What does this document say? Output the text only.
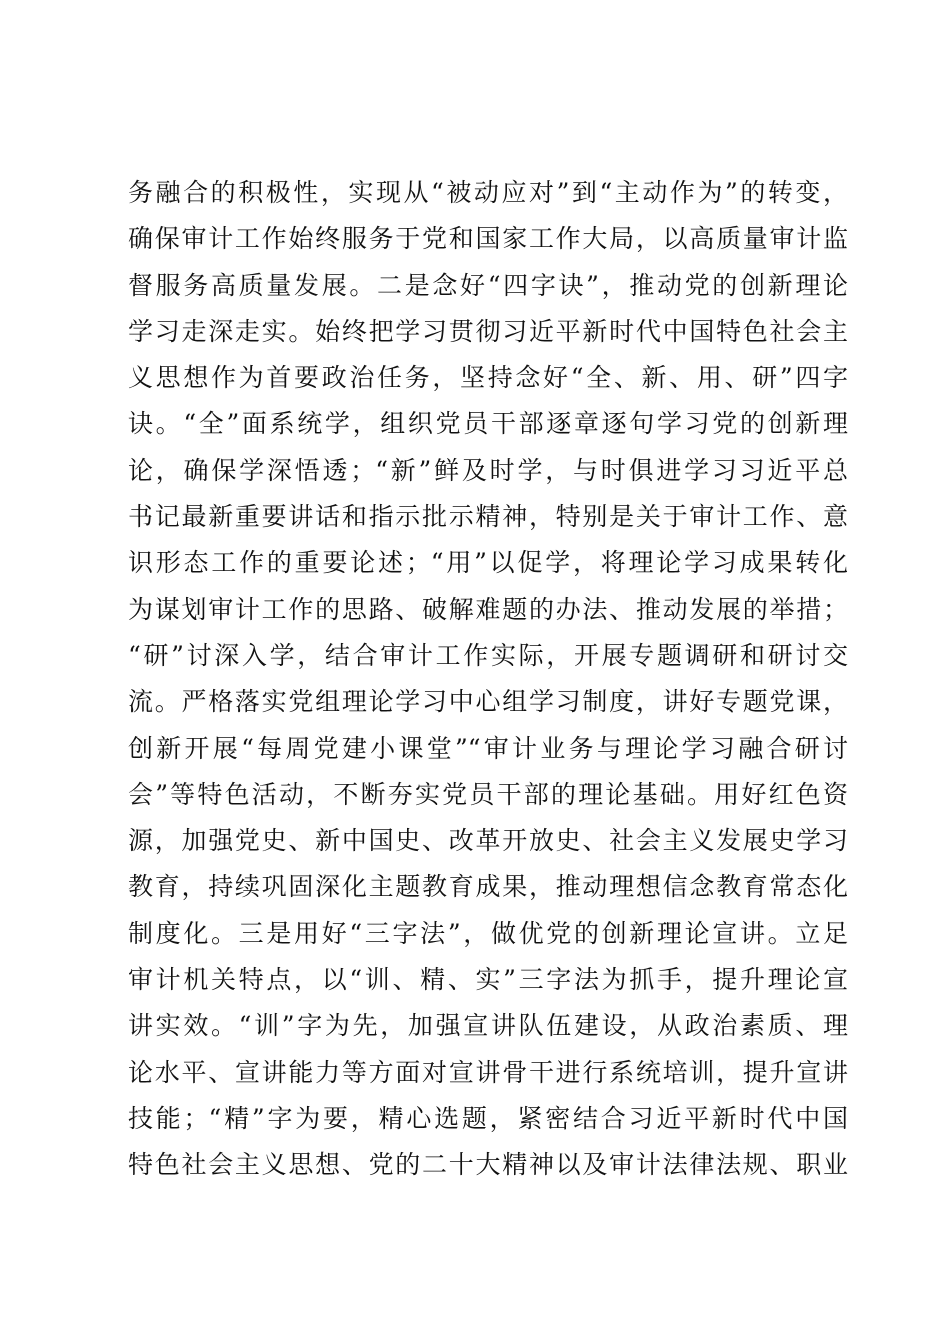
务融合的积极性，实现从“被动应对”到“主动作为”的转变，
确保审计工作始终服务于党和国家工作大局，以高质量审计监
督服务高质量发展。二是念好“四字诀”，推动党的创新理论
学习走深走实。始终把学习贯彻习近平新时代中国特色社会主
义思想作为首要政治任务，坚持念好“全、新、用、研”四字
诀。“全”面系统学，组织党员干部逐章逐句学习党的创新理
论，确保学深悟透；“新”鲜及时学，与时俱进学习习近平总
书记最新重要讲话和指示批示精神，特别是关于审计工作、意
识形态工作的重要论述；“用”以促学，将理论学习成果转化
为谋划审计工作的思路、破解难题的办法、推动发展的举措；
“研”讨深入学，结合审计工作实际，开展专题调研和研讨交
流。严格落实党组理论学习中心组学习制度，讲好专题党课，
创新开展“每周党建小课堂”“审计业务与理论学习融合研讨
会”等特色活动，不断夯实党员干部的理论基础。用好红色资
源，加强党史、新中国史、改革开放史、社会主义发展史学习
教育，持续巩固深化主题教育成果，推动理想信念教育常态化
制度化。三是用好“三字法”，做优党的创新理论宣讲。立足
审计机关特点，以“训、精、实”三字法为抓手，提升理论宣
讲实效。“训”字为先，加强宣讲队伍建设，从政治素质、理
论水平、宣讲能力等方面对宣讲骨干进行系统培训，提升宣讲
技能；“精”字为要，精心选题，紧密结合习近平新时代中国
特色社会主义思想、党的二十大精神以及审计法律法规、职业
